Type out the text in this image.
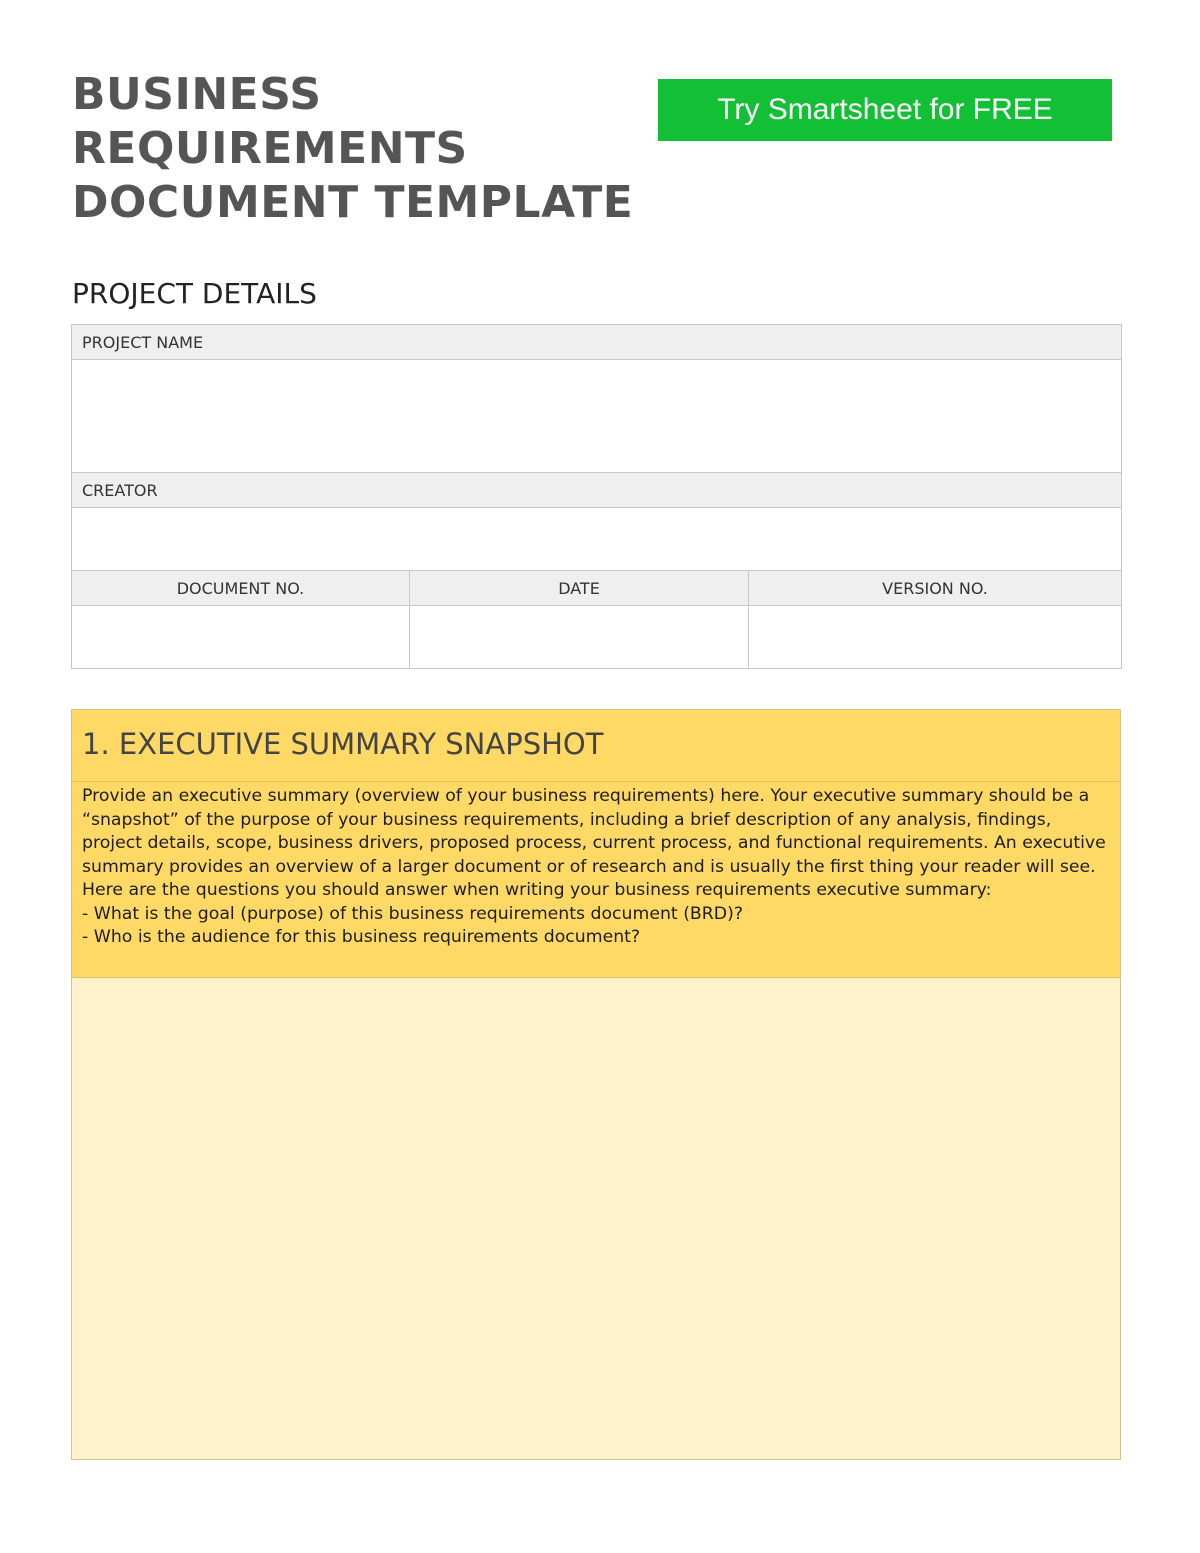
BUSINESS
REQUIREMENTS
DOCUMENT TEMPLATE
Try Smartsheet for FREE
PROJECT DETAILS
PROJECT NAME		

CREATOR		

DOCUMENT NO.	DATE	VERSION NO.

1. EXECUTIVE SUMMARY SNAPSHOT

Provide an executive summary (overview of your business requirements) here. Your executive summary should be a “snapshot” of the purpose of your business requirements, including a brief description of any analysis, findings, project details, scope, business drivers, proposed process, current process, and functional requirements. An executive summary provides an overview of a larger document or of research and is usually the first thing your reader will see. Here are the questions you should answer when writing your business requirements executive summary:

- What is the goal (purpose) of this business requirements document (BRD)?
- Who is the audience for this business requirements document?
